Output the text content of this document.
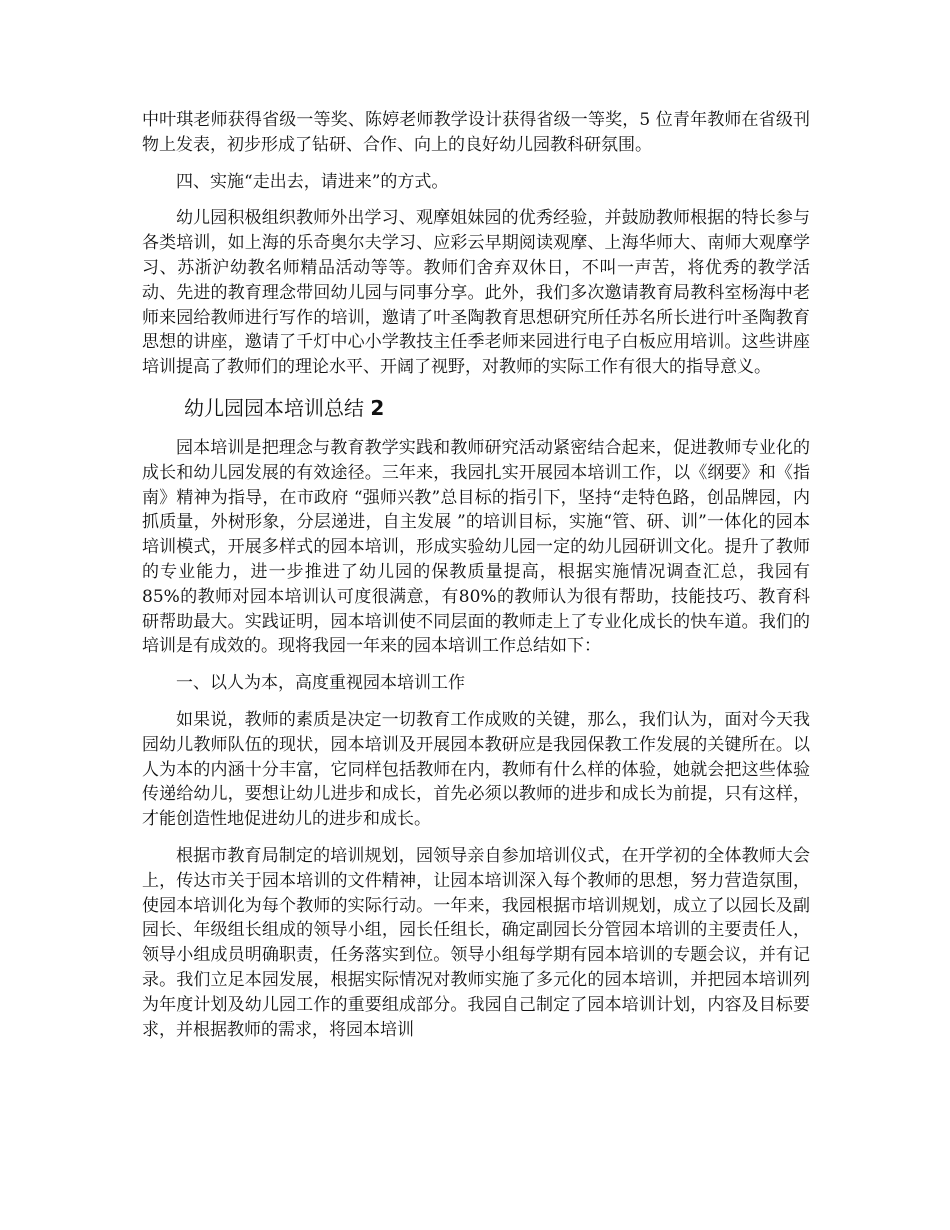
中叶琪老师获得省级一等奖、陈婷老师教学设计获得省级一等奖，5 位青年教师在省级刊物上发表，初步形成了钻研、合作、向上的良好幼儿园教科研氛围。

四、实施“走出去，请进来”的方式。

幼儿园积极组织教师外出学习、观摩姐妹园的优秀经验，并鼓励教师根据的特长参与各类培训，如上海的乐奇奥尔夫学习、应彩云早期阅读观摩、上海华师大、南师大观摩学习、苏浙沪幼教名师精品活动等等。教师们舍弃双休日，不叫一声苦，将优秀的教学活动、先进的教育理念带回幼儿园与同事分享。此外，我们多次邀请教育局教科室杨海中老师来园给教师进行写作的培训，邀请了叶圣陶教育思想研究所任苏名所长进行叶圣陶教育思想的讲座，邀请了千灯中心小学教技主任季老师来园进行电子白板应用培训。这些讲座培训提高了教师们的理论水平、开阔了视野，对教师的实际工作有很大的指导意义。

幼儿园园本培训总结 2

园本培训是把理念与教育教学实践和教师研究活动紧密结合起来，促进教师专业化的成长和幼儿园发展的有效途径。三年来，我园扎实开展园本培训工作，以《纲要》和《指南》精神为指导，在市政府 “强师兴教”总目标的指引下，坚持“走特色路，创品牌园，内抓质量，外树形象，分层递进，自主发展 ”的培训目标，实施“管、研、训”一体化的园本培训模式，开展多样式的园本培训，形成实验幼儿园一定的幼儿园研训文化。提升了教师的专业能力，进一步推进了幼儿园的保教质量提高，根据实施情况调查汇总，我园有 85%的教师对园本培训认可度很满意，有80%的教师认为很有帮助，技能技巧、教育科研帮助最大。实践证明，园本培训使不同层面的教师走上了专业化成长的快车道。我们的培训是有成效的。现将我园一年来的园本培训工作总结如下：

一、以人为本，高度重视园本培训工作

如果说，教师的素质是决定一切教育工作成败的关键，那么，我们认为，面对今天我园幼儿教师队伍的现状，园本培训及开展园本教研应是我园保教工作发展的关键所在。以人为本的内涵十分丰富，它同样包括教师在内，教师有什么样的体验，她就会把这些体验传递给幼儿，要想让幼儿进步和成长，首先必须以教师的进步和成长为前提，只有这样，才能创造性地促进幼儿的进步和成长。

根据市教育局制定的培训规划，园领导亲自参加培训仪式，在开学初的全体教师大会上，传达市关于园本培训的文件精神，让园本培训深入每个教师的思想，努力营造氛围，使园本培训化为每个教师的实际行动。一年来，我园根据市培训规划，成立了以园长及副园长、年级组长组成的领导小组，园长任组长，确定副园长分管园本培训的主要责任人，领导小组成员明确职责，任务落实到位。领导小组每学期有园本培训的专题会议，并有记录。我们立足本园发展，根据实际情况对教师实施了多元化的园本培训，并把园本培训列为年度计划及幼儿园工作的重要组成部分。我园自己制定了园本培训计划，内容及目标要求，并根据教师的需求，将园本培训
